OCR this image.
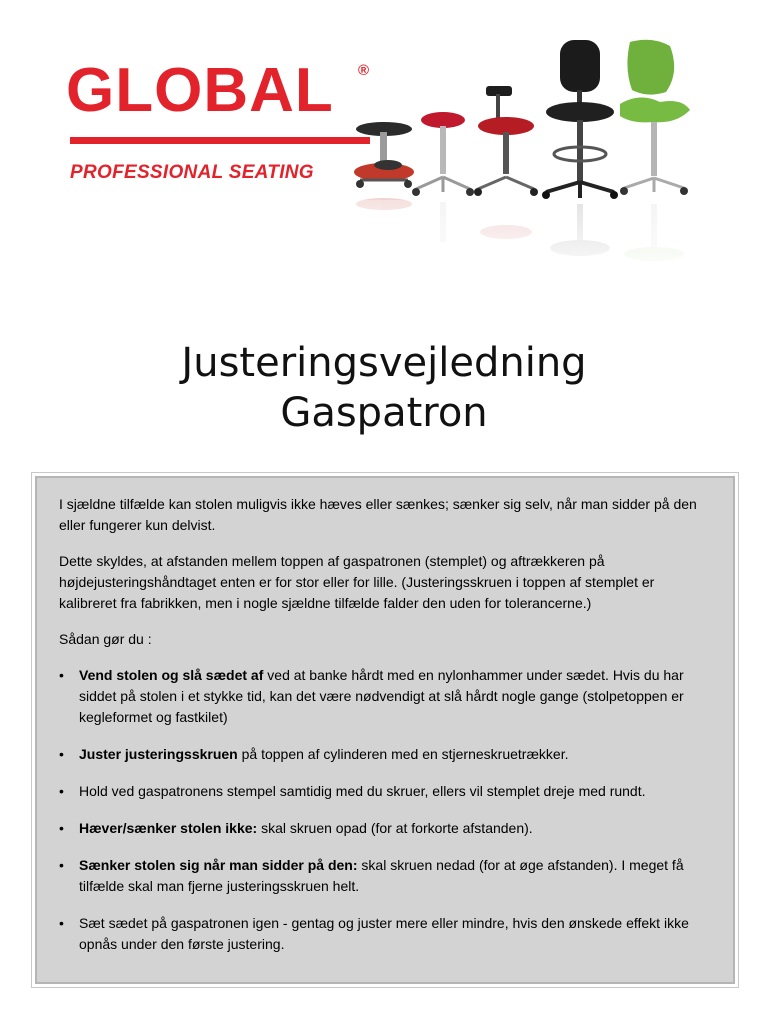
GLOBAL ®
PROFESSIONAL SEATING
Justeringsvejledning
Gaspatron

I sjældne tilfælde kan stolen muligvis ikke hæves eller sænkes; sænker sig selv, når man sidder på den eller fungerer kun delvist.

Dette skyldes, at afstanden mellem toppen af gaspatronen (stemplet) og aftrækkeren på højdejusteringshåndtaget enten er for stor eller for lille. (Justeringsskruen i toppen af stemplet er kalibreret fra fabrikken, men i nogle sjældne tilfælde falder den uden for tolerancerne.)

Sådan gør du :

• Vend stolen og slå sædet af ved at banke hårdt med en nylonhammer under sædet. Hvis du har siddet på stolen i et stykke tid, kan det være nødvendigt at slå hårdt nogle gange (stolpetoppen er kegleformet og fastkilet)
• Juster justeringsskruen på toppen af cylinderen med en stjerneskruetrækker.
• Hold ved gaspatronens stempel samtidig med du skruer, ellers vil stemplet dreje med rundt.
• Hæver/sænker stolen ikke: skal skruen opad (for at forkorte afstanden).
• Sænker stolen sig når man sidder på den: skal skruen nedad (for at øge afstanden). I meget få tilfælde skal man fjerne justeringsskruen helt.
• Sæt sædet på gaspatronen igen - gentag og juster mere eller mindre, hvis den ønskede effekt ikke opnås under den første justering.
